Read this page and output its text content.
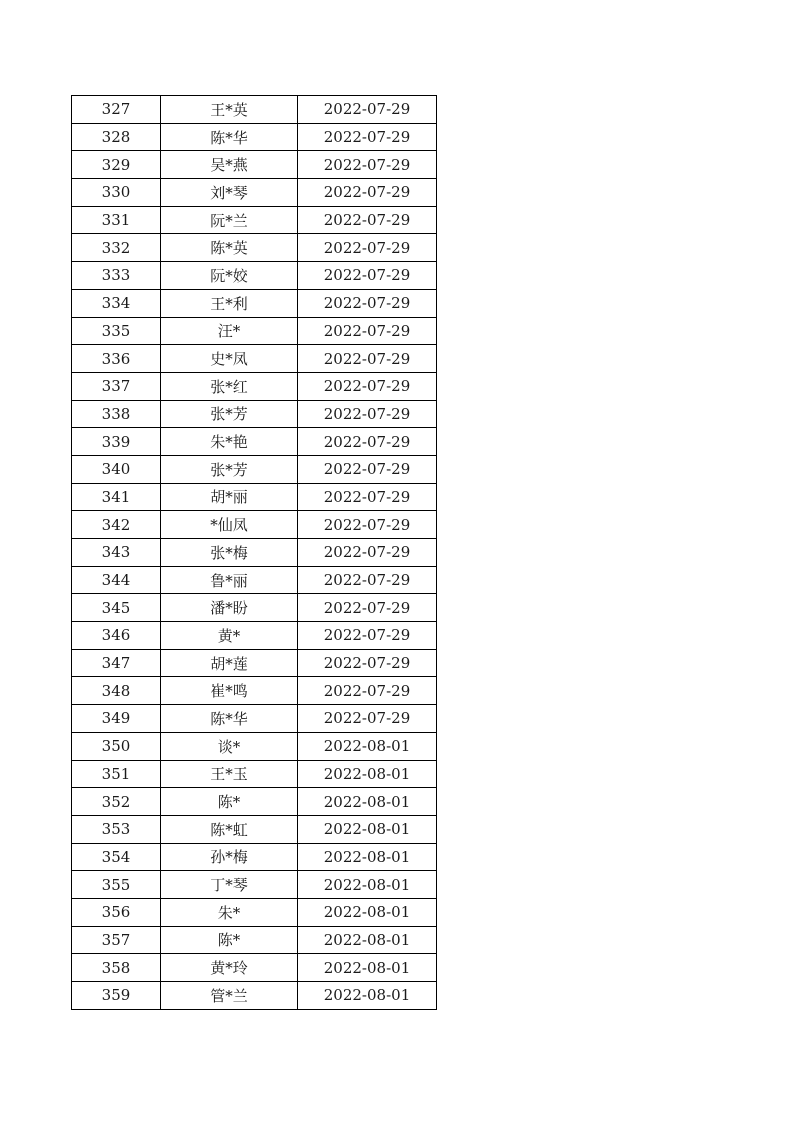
327	王*英	2022-07-29
328	陈*华	2022-07-29
329	吴*燕	2022-07-29
330	刘*琴	2022-07-29
331	阮*兰	2022-07-29
332	陈*英	2022-07-29
333	阮*姣	2022-07-29
334	王*利	2022-07-29
335	汪*	2022-07-29
336	史*凤	2022-07-29
337	张*红	2022-07-29
338	张*芳	2022-07-29
339	朱*艳	2022-07-29
340	张*芳	2022-07-29
341	胡*丽	2022-07-29
342	*仙凤	2022-07-29
343	张*梅	2022-07-29
344	鲁*丽	2022-07-29
345	潘*盼	2022-07-29
346	黄*	2022-07-29
347	胡*莲	2022-07-29
348	崔*鸣	2022-07-29
349	陈*华	2022-07-29
350	谈*	2022-08-01
351	王*玉	2022-08-01
352	陈*	2022-08-01
353	陈*虹	2022-08-01
354	孙*梅	2022-08-01
355	丁*琴	2022-08-01
356	朱*	2022-08-01
357	陈*	2022-08-01
358	黄*玲	2022-08-01
359	管*兰	2022-08-01
